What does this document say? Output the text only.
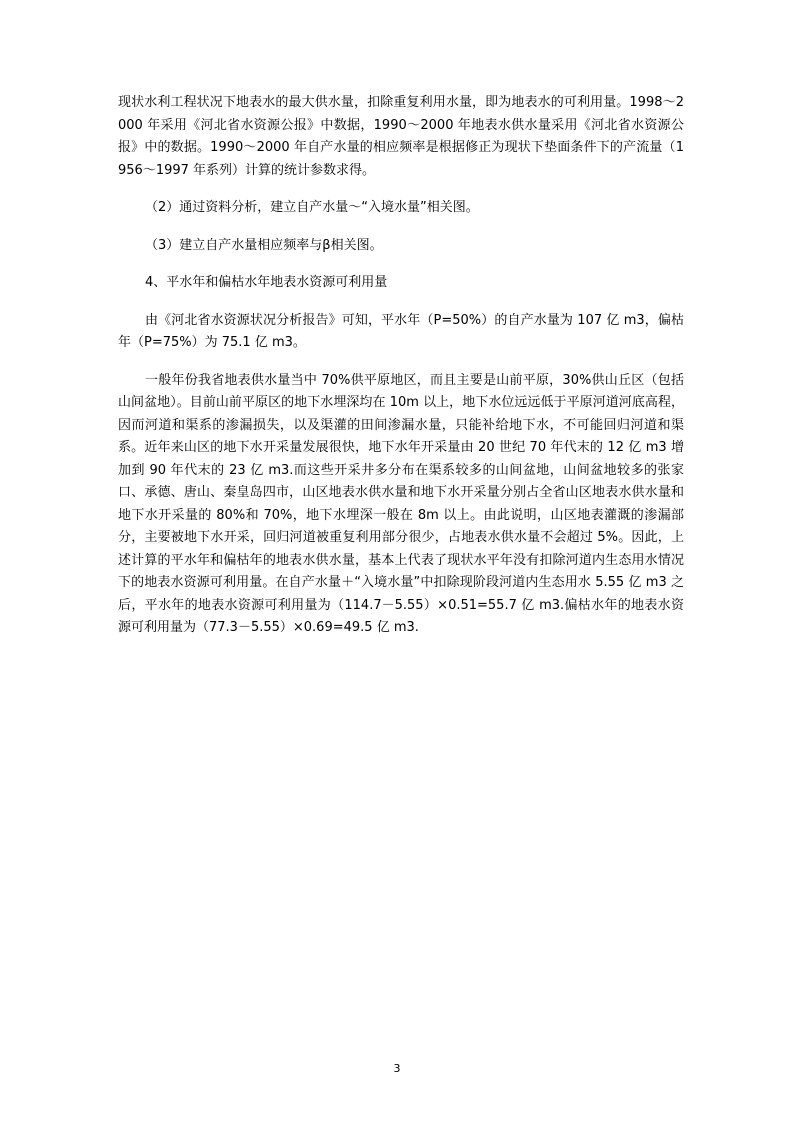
现状水利工程状况下地表水的最大供水量，扣除重复利用水量，即为地表水的可利用量。1998～2000 年采用《河北省水资源公报》中数据，1990～2000 年地表水供水量采用《河北省水资源公报》中的数据。1990～2000 年自产水量的相应频率是根据修正为现状下垫面条件下的产流量（1956～1997 年系列）计算的统计参数求得。

（2）通过资料分析，建立自产水量～“入境水量”相关图。

（3）建立自产水量相应频率与β相关图。

4、平水年和偏枯水年地表水资源可利用量

由《河北省水资源状况分析报告》可知，平水年（P=50%）的自产水量为 107 亿 m3，偏枯年（P=75%）为 75.1 亿 m3。

一般年份我省地表供水量当中 70%供平原地区，而且主要是山前平原，30%供山丘区（包括山间盆地）。目前山前平原区的地下水埋深均在 10m 以上，地下水位远远低于平原河道河底高程，因而河道和渠系的渗漏损失，以及渠灌的田间渗漏水量，只能补给地下水，不可能回归河道和渠系。近年来山区的地下水开采量发展很快，地下水年开采量由 20 世纪 70 年代末的 12 亿 m3 增加到 90 年代末的 23 亿 m3.而这些开采井多分布在渠系较多的山间盆地，山间盆地较多的张家口、承德、唐山、秦皇岛四市，山区地表水供水量和地下水开采量分别占全省山区地表水供水量和地下水开采量的 80%和 70%，地下水埋深一般在 8m 以上。由此说明，山区地表灌溉的渗漏部分，主要被地下水开采，回归河道被重复利用部分很少，占地表水供水量不会超过 5%。因此，上述计算的平水年和偏枯年的地表水供水量，基本上代表了现状水平年没有扣除河道内生态用水情况下的地表水资源可利用量。在自产水量＋“入境水量”中扣除现阶段河道内生态用水 5.55 亿 m3 之后，平水年的地表水资源可利用量为（114.7－5.55）×0.51=55.7 亿 m3.偏枯水年的地表水资源可利用量为（77.3－5.55）×0.69=49.5 亿 m3.

3
